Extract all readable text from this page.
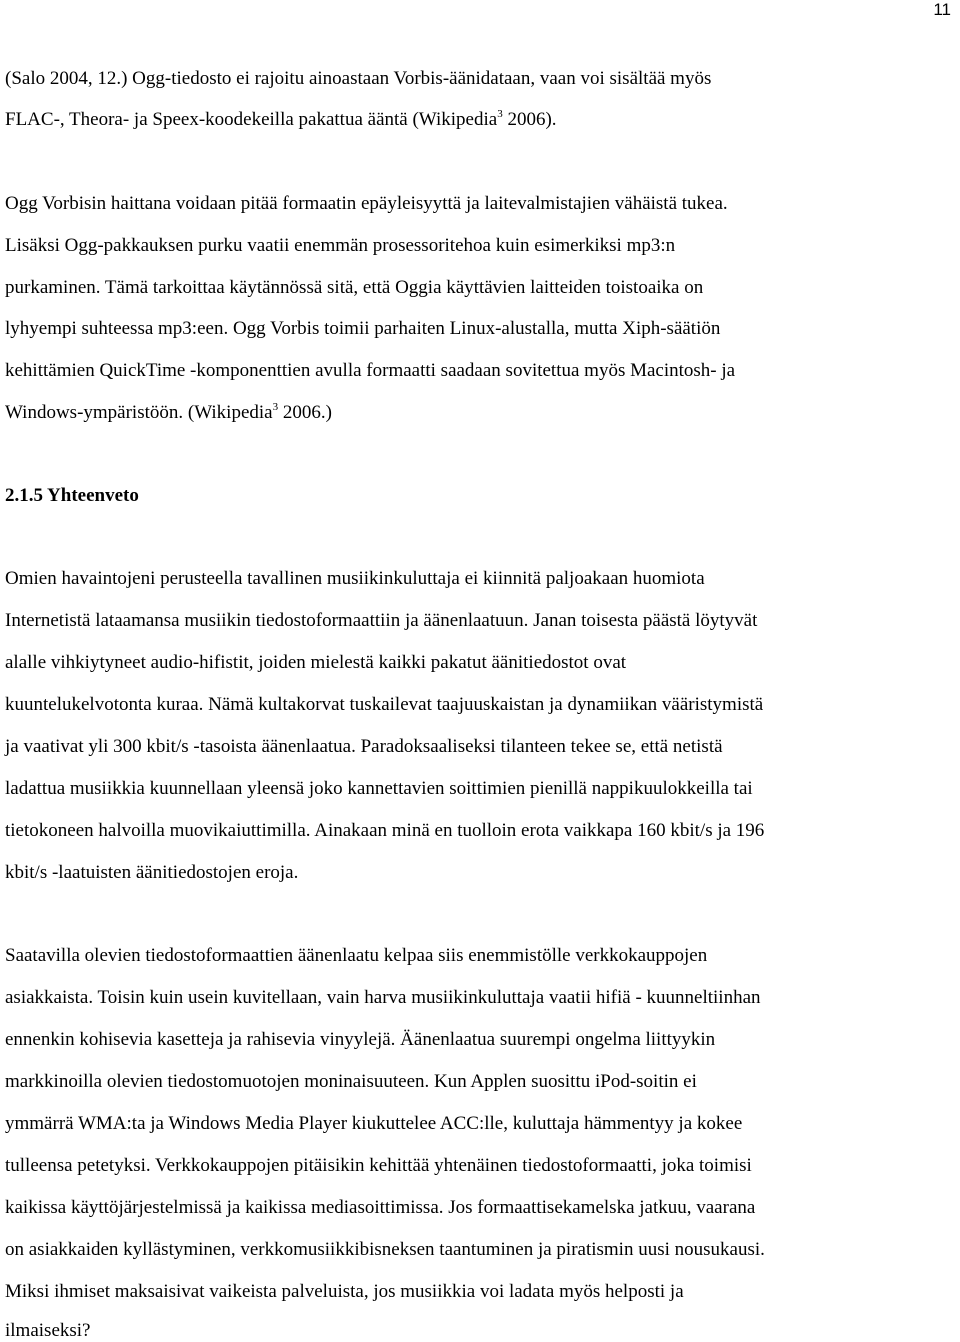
11

(Salo 2004, 12.) Ogg-tiedosto ei rajoitu ainoastaan Vorbis-äänidataan, vaan voi sisältää myös

FLAC-, Theora- ja Speex-koodekeilla pakattua ääntä (Wikipedia$^3$ 2006).

Ogg Vorbisin haittana voidaan pitää formaatin epäyleisyyttä ja laitevalmistajien vähäistä tukea.

Lisäksi Ogg-pakkauksen purku vaatii enemmän prosessoritehoa kuin esimerkiksi mp3:n

purkaminen. Tämä tarkoittaa käytännössä sitä, että Oggia käyttävien laitteiden toistoaika on

lyhyempi suhteessa mp3:een. Ogg Vorbis toimii parhaiten Linux-alustalla, mutta Xiph-säätiön

kehittämien QuickTime -komponenttien avulla formaatti saadaan sovitettua myös Macintosh- ja

Windows-ympäristöön. (Wikipedia$^3$ 2006.)

2.1.5 Yhteenveto

Omien havaintojeni perusteella tavallinen musiikinkuluttaja ei kiinnitä paljoakaan huomiota

Internetistä lataamansa musiikin tiedostoformaattiin ja äänenlaatuun. Janan toisesta päästä löytyvät

alalle vihkiytyneet audio-hifistit, joiden mielestä kaikki pakatut äänitiedostot ovat

kuuntelukelvotonta kuraa. Nämä kultakorvat tuskailevat taajuuskaistan ja dynamiikan vääristymistä

ja vaativat yli 300 kbit/s -tasoista äänenlaatua. Paradoksaaliseksi tilanteen tekee se, että netistä

ladattua musiikkia kuunnellaan yleensä joko kannettavien soittimien pienillä nappikuulokkeilla tai

tietokoneen halvoilla muovikaiuttimilla. Ainakaan minä en tuolloin erota vaikkapa 160 kbit/s ja 196

kbit/s -laatuisten äänitiedostojen eroja.

Saatavilla olevien tiedostoformaattien äänenlaatu kelpaa siis enemmistölle verkkokauppojen

asiakkaista. Toisin kuin usein kuvitellaan, vain harva musiikinkuluttaja vaatii hifiä - kuunneltiinhan

ennenkin kohisevia kasetteja ja rahisevia vinyylejä. Äänenlaatua suurempi ongelma liittyykin

markkinoilla olevien tiedostomuotojen moninaisuuteen. Kun Applen suosittu iPod-soitin ei

ymmärrä WMA:ta ja Windows Media Player kiukuttelee ACC:lle, kuluttaja hämmentyy ja kokee

tulleensa petetyksi. Verkkokauppojen pitäisikin kehittää yhtenäinen tiedostoformaatti, joka toimisi

kaikissa käyttöjärjestelmissä ja kaikissa mediasoittimissa. Jos formaattisekamelska jatkuu, vaarana

on asiakkaiden kyllästyminen, verkkomusiikkibisneksen taantuminen ja piratismin uusi nousukausi.

Miksi ihmiset maksaisivat vaikeista palveluista, jos musiikkia voi ladata myös helposti ja

ilmaiseksi?
